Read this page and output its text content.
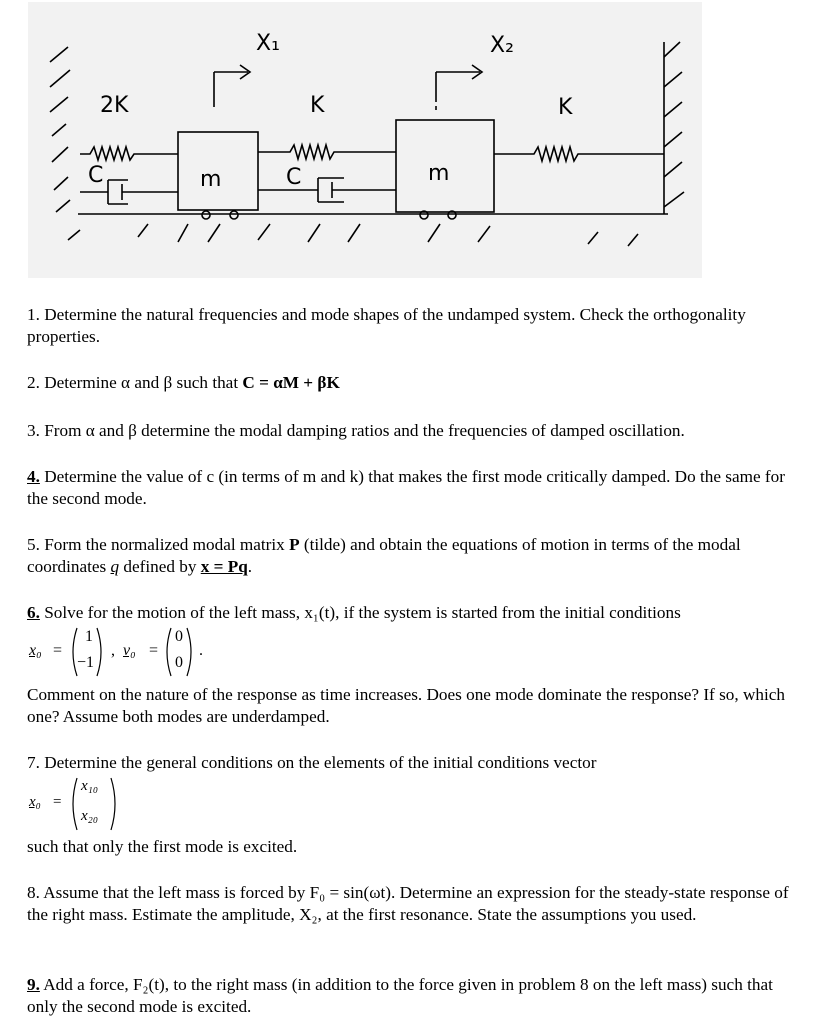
X₁	X₂
2K	K	K
C	C
m	m

1. Determine the natural frequencies and mode shapes of the undamped system. Check the orthogonality properties.

2. Determine α and β such that C = αM + βK

3. From α and β determine the modal damping ratios and the frequencies of damped oscillation.

4. Determine the value of c (in terms of m and k) that makes the first mode critically damped. Do the same for the second mode.

5. Form the normalized modal matrix P (tilde) and obtain the equations of motion in terms of the modal coordinates q defined by x = Pq.

6. Solve for the motion of the left mass, x₁(t), if the system is started from the initial conditions

x₀ =
1
−1
, v₀ =
0
0
.

Comment on the nature of the response as time increases. Does one mode dominate the response? If so, which one? Assume both modes are underdamped.

7. Determine the general conditions on the elements of the initial conditions vector

x₀ =
x₁₀
x₂₀

such that only the first mode is excited.

8. Assume that the left mass is forced by F₀ = sin(ωt). Determine an expression for the steady-state response of the right mass. Estimate the amplitude, X₂, at the first resonance. State the assumptions you used.

9. Add a force, F₂(t), to the right mass (in addition to the force given in problem 8 on the left mass) such that only the second mode is excited.
